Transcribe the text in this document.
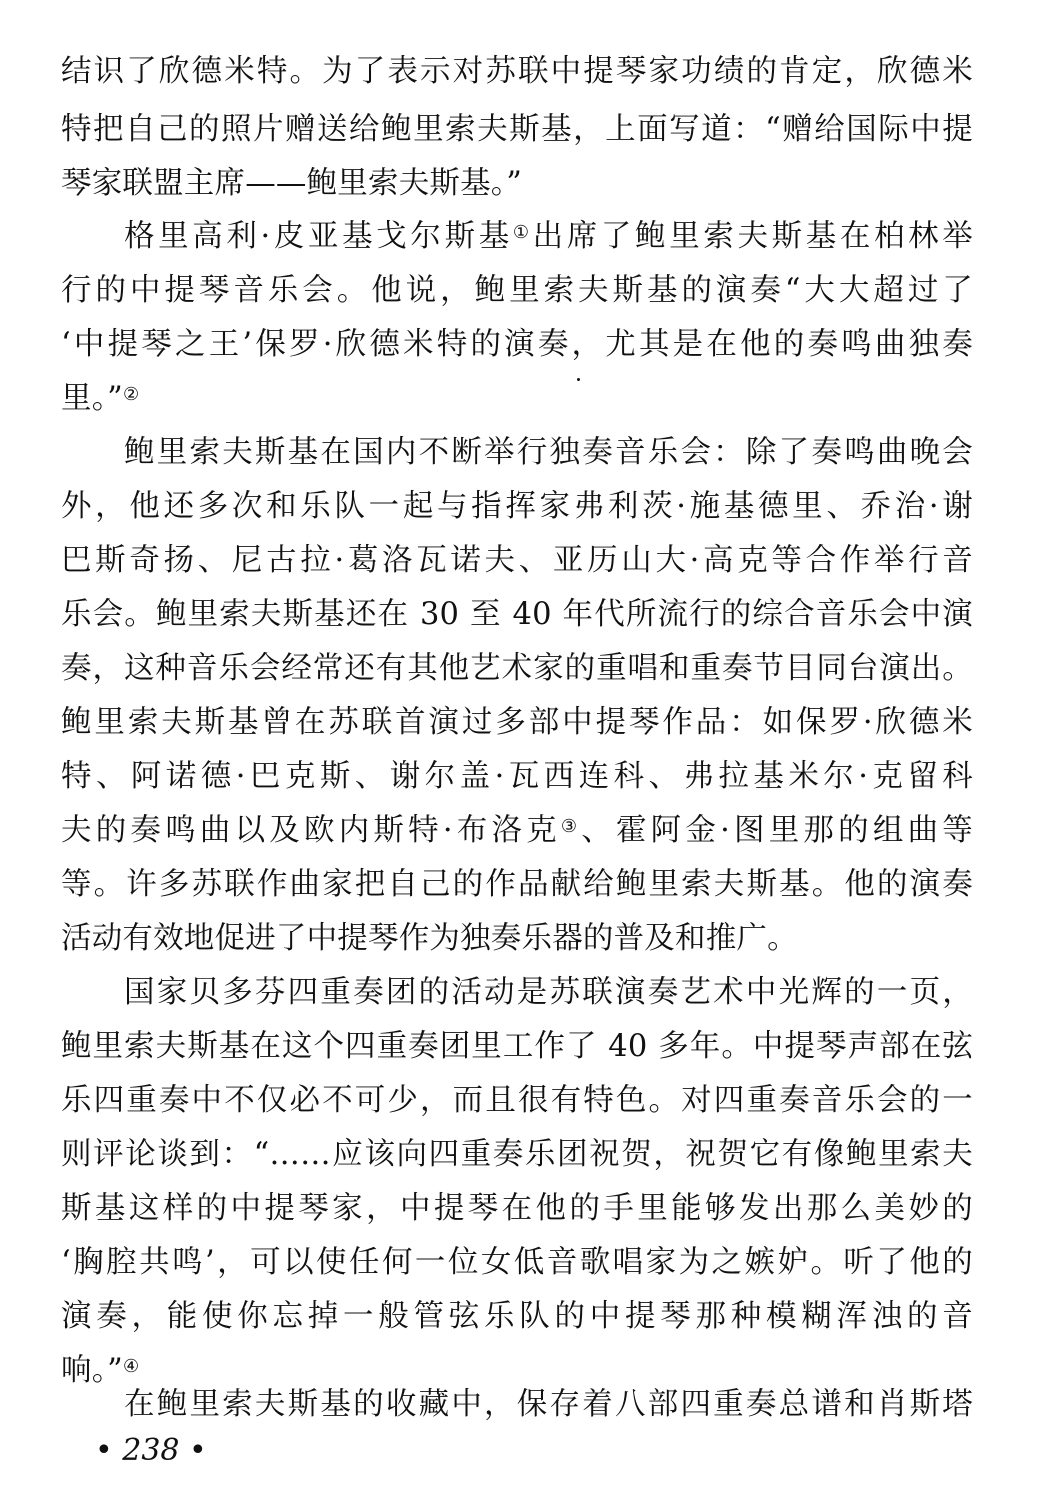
结识了欣德米特。为了表示对苏联中提琴家功绩的肯定，欣德米
特把自己的照片赠送给鲍里索夫斯基，上面写道：“赠给国际中提
琴家联盟主席——鲍里索夫斯基。”
格里高利·皮亚基戈尔斯基①出席了鲍里索夫斯基在柏林举
行的中提琴音乐会。他说，鲍里索夫斯基的演奏“大大超过了
‘中提琴之王’保罗·欣德米特的演奏，尤其是在他的奏鸣曲独奏
里。”②
鲍里索夫斯基在国内不断举行独奏音乐会：除了奏鸣曲晚会
外，他还多次和乐队一起与指挥家弗利茨·施基德里、乔治·谢
巴斯奇扬、尼古拉·葛洛瓦诺夫、亚历山大·高克等合作举行音
乐会。鲍里索夫斯基还在 30 至 40 年代所流行的综合音乐会中演
奏，这种音乐会经常还有其他艺术家的重唱和重奏节目同台演出。
鲍里索夫斯基曾在苏联首演过多部中提琴作品：如保罗·欣德米
特、阿诺德·巴克斯、谢尔盖·瓦西连科、弗拉基米尔·克留科
夫的奏鸣曲以及欧内斯特·布洛克③、霍阿金·图里那的组曲等
等。许多苏联作曲家把自己的作品献给鲍里索夫斯基。他的演奏
活动有效地促进了中提琴作为独奏乐器的普及和推广。
国家贝多芬四重奏团的活动是苏联演奏艺术中光辉的一页，
鲍里索夫斯基在这个四重奏团里工作了 40 多年。中提琴声部在弦
乐四重奏中不仅必不可少，而且很有特色。对四重奏音乐会的一
则评论谈到：“……应该向四重奏乐团祝贺，祝贺它有像鲍里索夫
斯基这样的中提琴家，中提琴在他的手里能够发出那么美妙的
‘胸腔共鸣’，可以使任何一位女低音歌唱家为之嫉妒。听了他的
演奏，能使你忘掉一般管弦乐队的中提琴那种模糊浑浊的音
响。”④
在鲍里索夫斯基的收藏中，保存着八部四重奏总谱和肖斯塔
• 238 •
